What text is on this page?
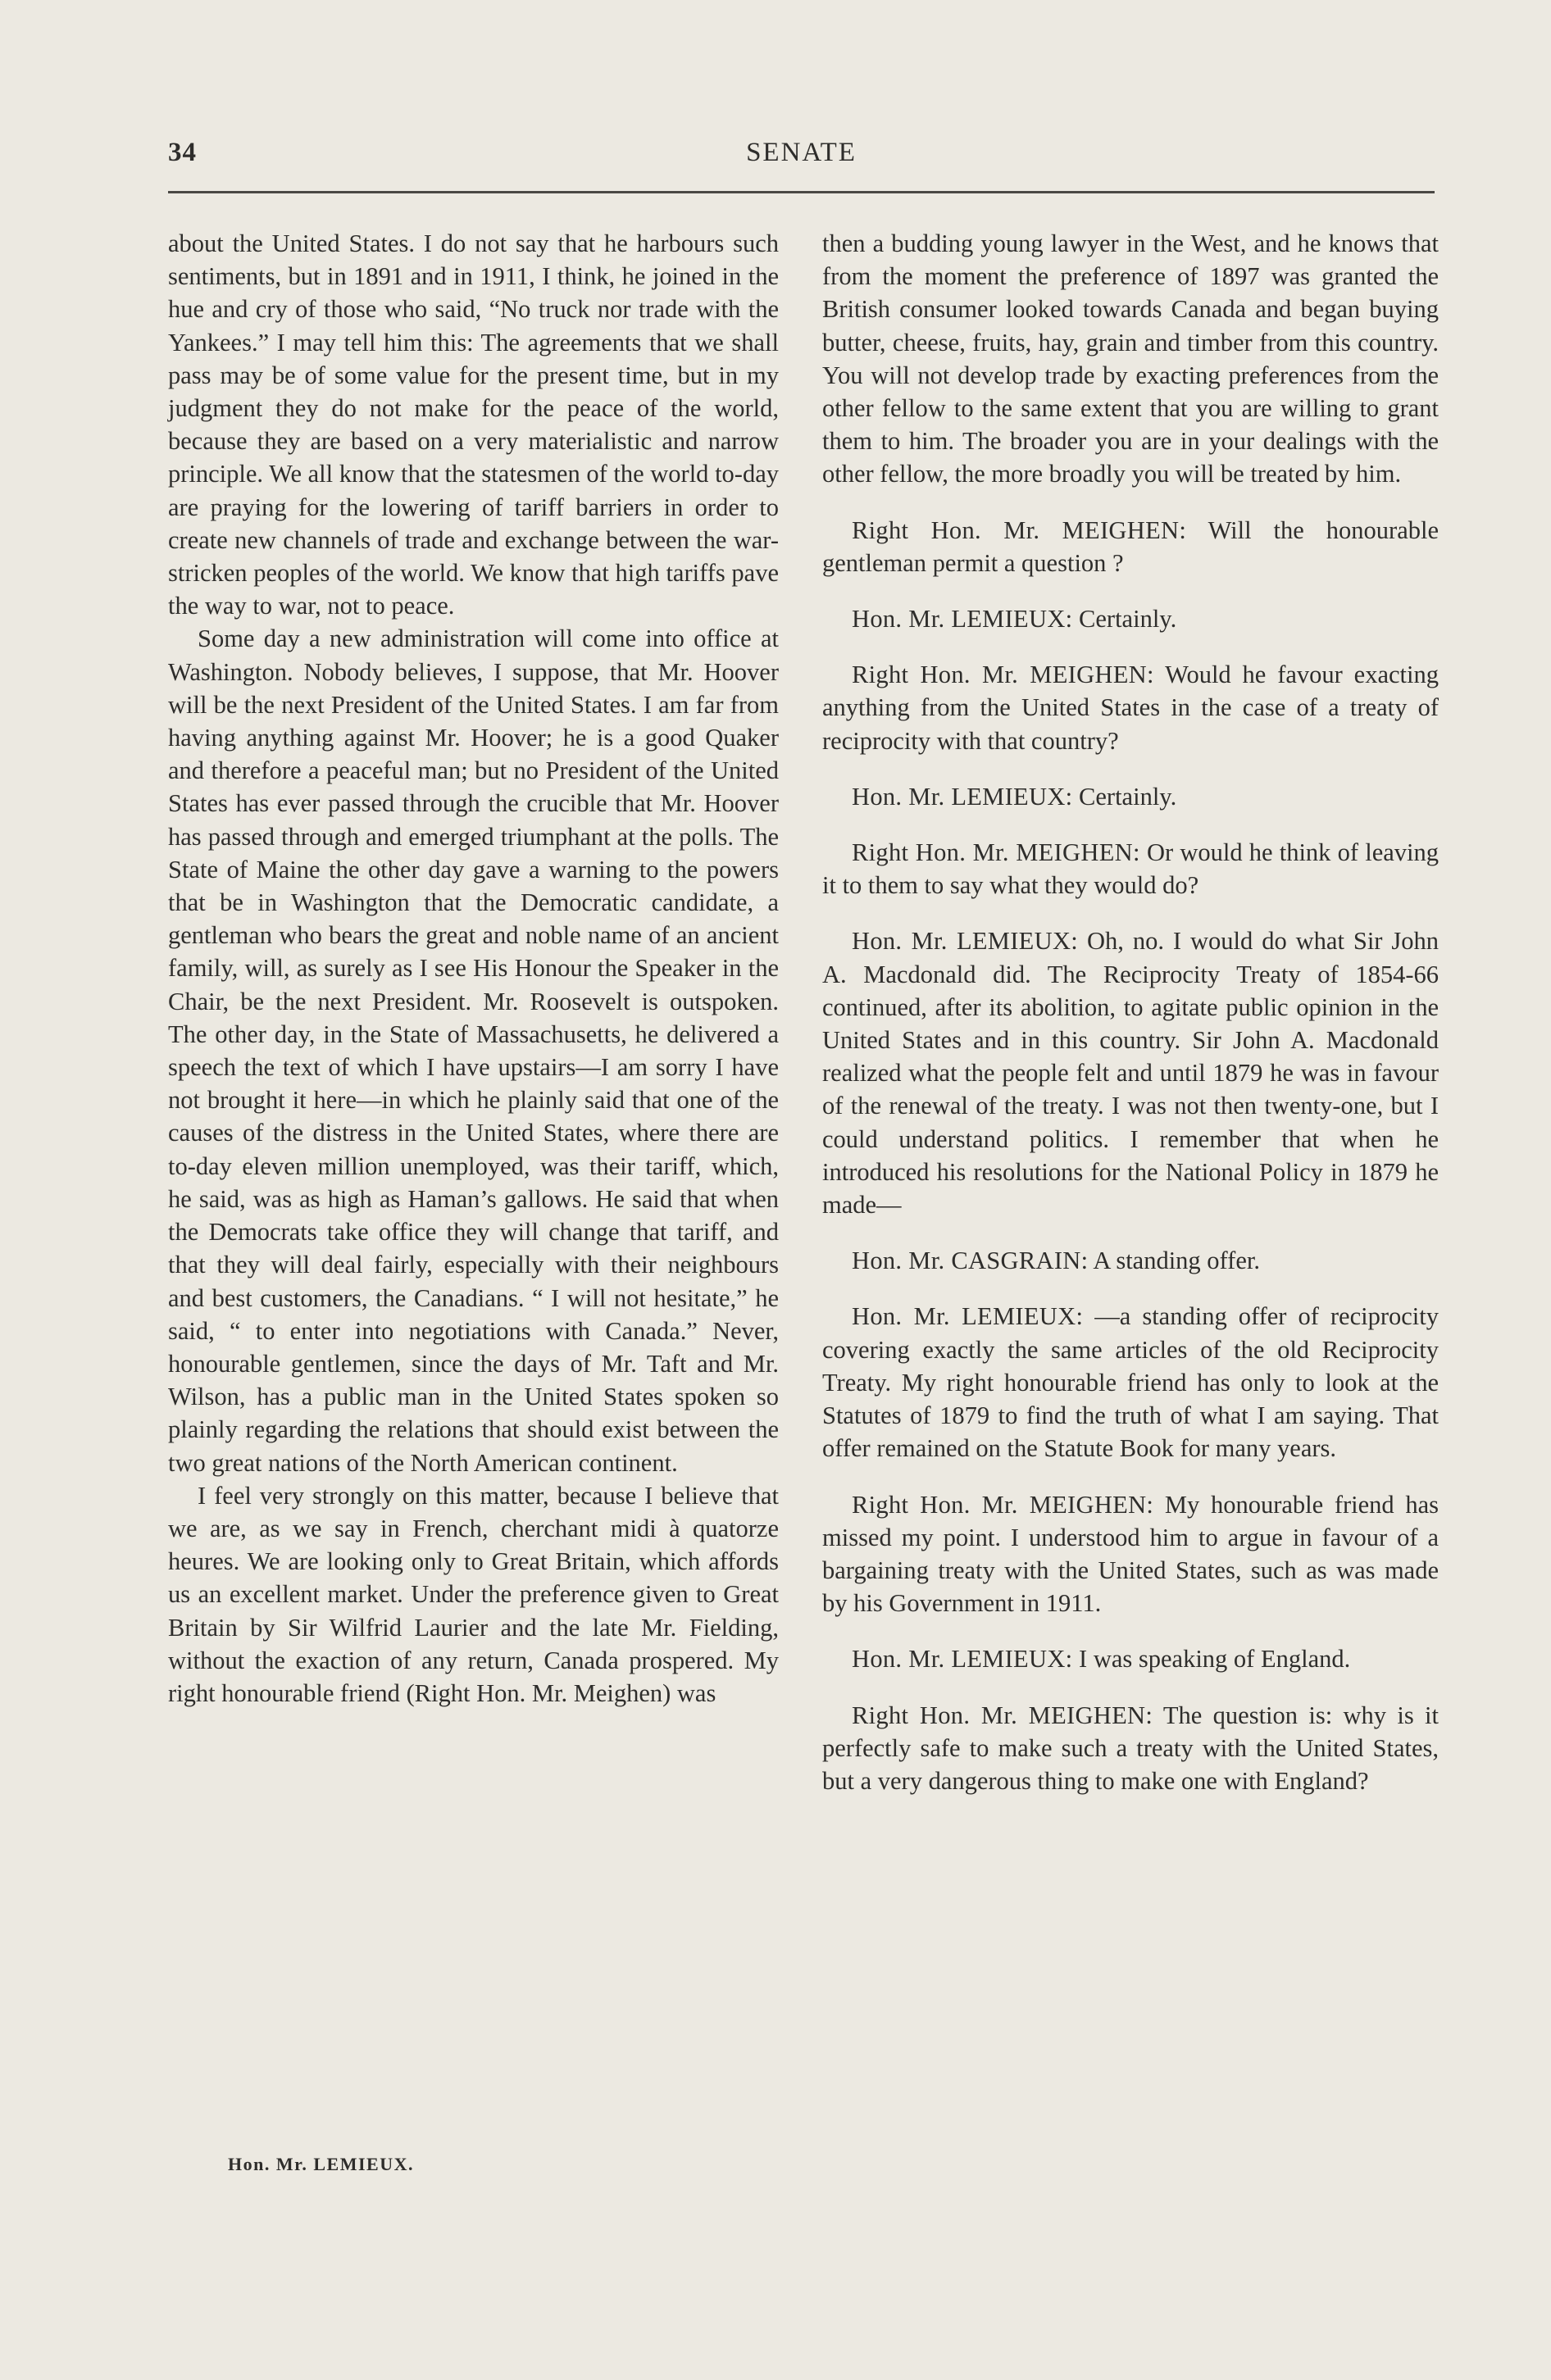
34	SENATE

about the United States. I do not say that he harbours such sentiments, but in 1891 and in 1911, I think, he joined in the hue and cry of those who said, “No truck nor trade with the Yankees.” I may tell him this: The agreements that we shall pass may be of some value for the present time, but in my judgment they do not make for the peace of the world, because they are based on a very materialistic and narrow principle. We all know that the statesmen of the world to-day are praying for the lowering of tariff barriers in order to create new channels of trade and exchange between the war-stricken peoples of the world. We know that high tariffs pave the way to war, not to peace.

Some day a new administration will come into office at Washington. Nobody believes, I suppose, that Mr. Hoover will be the next President of the United States. I am far from having anything against Mr. Hoover; he is a good Quaker and therefore a peaceful man; but no President of the United States has ever passed through the crucible that Mr. Hoover has passed through and emerged triumphant at the polls. The State of Maine the other day gave a warning to the powers that be in Washington that the Democratic candidate, a gentleman who bears the great and noble name of an ancient family, will, as surely as I see His Honour the Speaker in the Chair, be the next President. Mr. Roosevelt is outspoken. The other day, in the State of Massachusetts, he delivered a speech the text of which I have upstairs—I am sorry I have not brought it here—in which he plainly said that one of the causes of the distress in the United States, where there are to-day eleven million unemployed, was their tariff, which, he said, was as high as Haman’s gallows. He said that when the Democrats take office they will change that tariff, and that they will deal fairly, especially with their neighbours and best customers, the Canadians. “ I will not hesitate,” he said, “ to enter into negotiations with Canada.” Never, honourable gentlemen, since the days of Mr. Taft and Mr. Wilson, has a public man in the United States spoken so plainly regarding the relations that should exist between the two great nations of the North American continent.

I feel very strongly on this matter, because I believe that we are, as we say in French, cherchant midi à quatorze heures. We are looking only to Great Britain, which affords us an excellent market. Under the preference given to Great Britain by Sir Wilfrid Laurier and the late Mr. Fielding, without the exaction of any return, Canada prospered. My right honourable friend (Right Hon. Mr. Meighen) was

then a budding young lawyer in the West, and he knows that from the moment the preference of 1897 was granted the British consumer looked towards Canada and began buying butter, cheese, fruits, hay, grain and timber from this country. You will not develop trade by exacting preferences from the other fellow to the same extent that you are willing to grant them to him. The broader you are in your dealings with the other fellow, the more broadly you will be treated by him.

Right Hon. Mr. MEIGHEN: Will the honourable gentleman permit a question ?

Hon. Mr. LEMIEUX: Certainly.

Right Hon. Mr. MEIGHEN: Would he favour exacting anything from the United States in the case of a treaty of reciprocity with that country?

Hon. Mr. LEMIEUX: Certainly.

Right Hon. Mr. MEIGHEN: Or would he think of leaving it to them to say what they would do?

Hon. Mr. LEMIEUX: Oh, no. I would do what Sir John A. Macdonald did. The Reciprocity Treaty of 1854-66 continued, after its abolition, to agitate public opinion in the United States and in this country. Sir John A. Macdonald realized what the people felt and until 1879 he was in favour of the renewal of the treaty. I was not then twenty-one, but I could understand politics. I remember that when he introduced his resolutions for the National Policy in 1879 he made—

Hon. Mr. CASGRAIN: A standing offer.

Hon. Mr. LEMIEUX: —a standing offer of reciprocity covering exactly the same articles of the old Reciprocity Treaty. My right honourable friend has only to look at the Statutes of 1879 to find the truth of what I am saying. That offer remained on the Statute Book for many years.

Right Hon. Mr. MEIGHEN: My honourable friend has missed my point. I understood him to argue in favour of a bargaining treaty with the United States, such as was made by his Government in 1911.

Hon. Mr. LEMIEUX: I was speaking of England.

Right Hon. Mr. MEIGHEN: The question is: why is it perfectly safe to make such a treaty with the United States, but a very dangerous thing to make one with England?

Hon. Mr. LEMIEUX.
